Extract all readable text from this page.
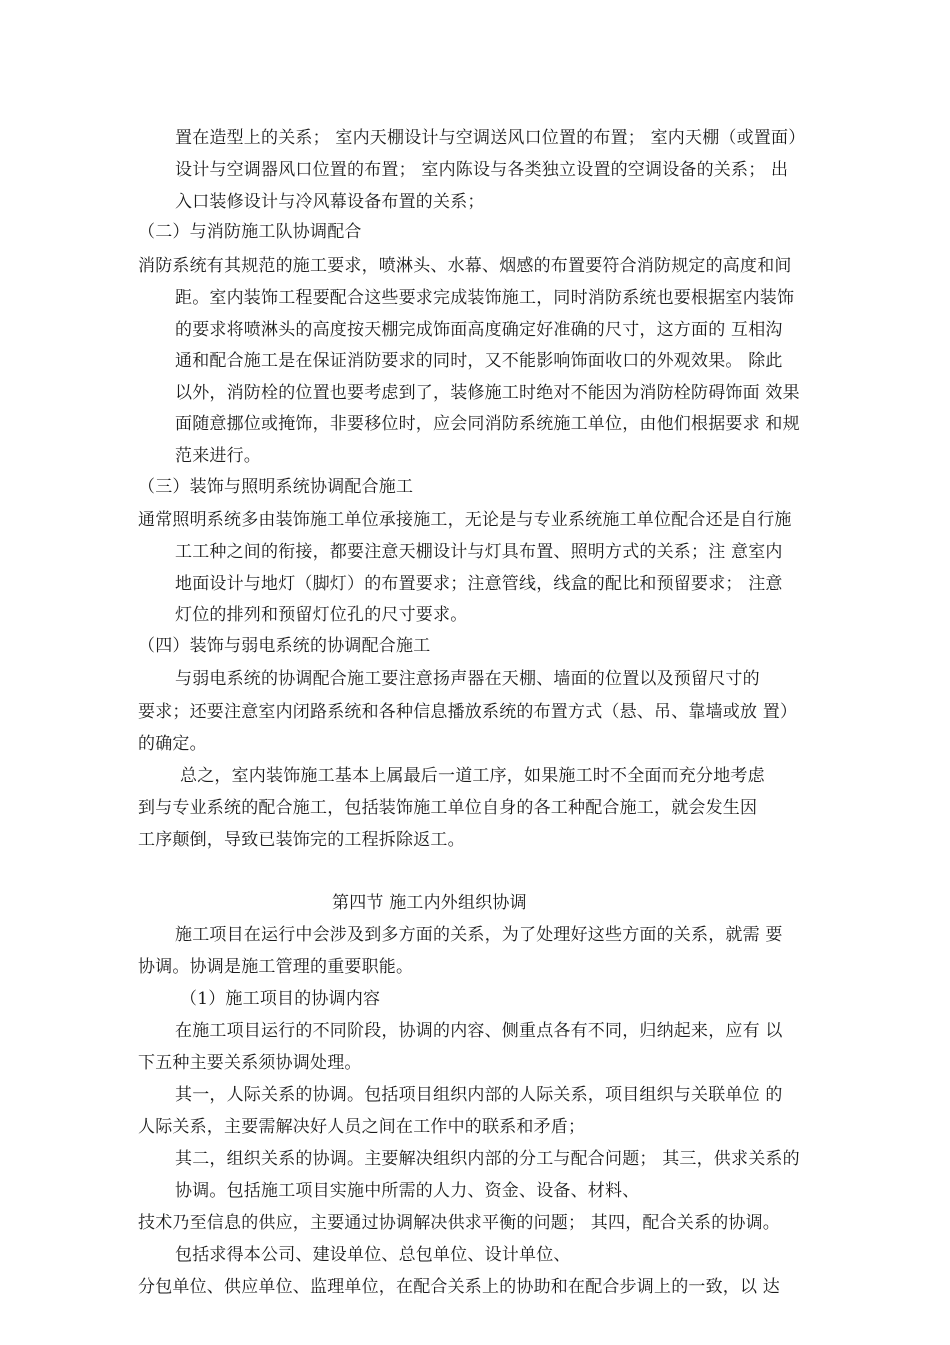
置在造型上的关系； 室内天棚设计与空调送风口位置的布置； 室内天棚（或置面）
设计与空调器风口位置的布置； 室内陈设与各类独立设置的空调设备的关系； 出
入口装修设计与冷风幕设备布置的关系；
（二）与消防施工队协调配合
消防系统有其规范的施工要求，喷淋头、水幕、烟感的布置要符合消防规定的高度和间
距。室内装饰工程要配合这些要求完成装饰施工，同时消防系统也要根据室内装饰
的要求将喷淋头的高度按天棚完成饰面高度确定好准确的尺寸，这方面的 互相沟
通和配合施工是在保证消防要求的同时，又不能影响饰面收口的外观效果。 除此
以外，消防栓的位置也要考虑到了，装修施工时绝对不能因为消防栓防碍饰面 效果
面随意挪位或掩饰，非要移位时，应会同消防系统施工单位，由他们根据要求 和规
范来进行。
（三）装饰与照明系统协调配合施工
通常照明系统多由装饰施工单位承接施工，无论是与专业系统施工单位配合还是自行施
工工种之间的衔接，都要注意天棚设计与灯具布置、照明方式的关系；注 意室内
地面设计与地灯（脚灯）的布置要求；注意管线，线盒的配比和预留要求； 注意
灯位的排列和预留灯位孔的尺寸要求。
（四）装饰与弱电系统的协调配合施工
与弱电系统的协调配合施工要注意扬声器在天棚、墙面的位置以及预留尺寸的
要求；还要注意室内闭路系统和各种信息播放系统的布置方式（悬、吊、靠墙或放 置）
的确定。
总之，室内装饰施工基本上属最后一道工序，如果施工时不全面而充分地考虑
到与专业系统的配合施工，包括装饰施工单位自身的各工种配合施工，就会发生因
工序颠倒，导致已装饰完的工程拆除返工。
第四节 施工内外组织协调
施工项目在运行中会涉及到多方面的关系，为了处理好这些方面的关系，就需 要
协调。协调是施工管理的重要职能。
（1）施工项目的协调内容
在施工项目运行的不同阶段，协调的内容、侧重点各有不同，归纳起来，应有 以
下五种主要关系须协调处理。
其一，人际关系的协调。包括项目组织内部的人际关系，项目组织与关联单位 的
人际关系，主要需解决好人员之间在工作中的联系和矛盾；
其二，组织关系的协调。主要解决组织内部的分工与配合问题； 其三，供求关系的
协调。包括施工项目实施中所需的人力、资金、设备、材料、
技术乃至信息的供应，主要通过协调解决供求平衡的问题； 其四，配合关系的协调。
包括求得本公司、建设单位、总包单位、设计单位、
分包单位、供应单位、监理单位，在配合关系上的协助和在配合步调上的一致，以 达
